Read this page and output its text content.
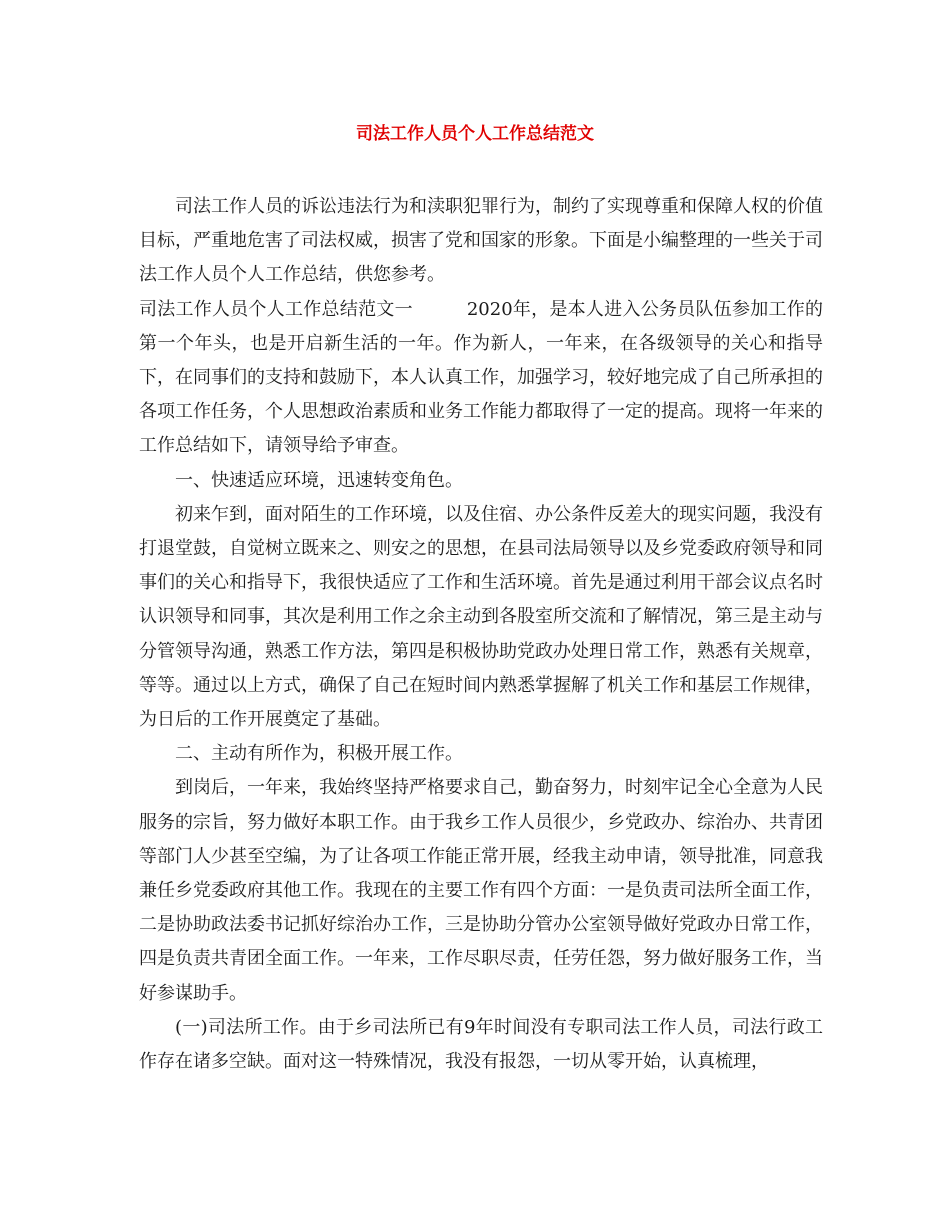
司法工作人员个人工作总结范文

司法工作人员的诉讼违法行为和渎职犯罪行为，制约了实现尊重和保障人权的价值目标，严重地危害了司法权威，损害了党和国家的形象。下面是小编整理的一些关于司法工作人员个人工作总结，供您参考。

司法工作人员个人工作总结范文一	2020年，是本人进入公务员队伍参加工作的第一个年头，也是开启新生活的一年。作为新人，一年来，在各级领导的关心和指导下，在同事们的支持和鼓励下，本人认真工作，加强学习，较好地完成了自己所承担的各项工作任务，个人思想政治素质和业务工作能力都取得了一定的提高。现将一年来的工作总结如下，请领导给予审查。

一、快速适应环境，迅速转变角色。

初来乍到，面对陌生的工作环境，以及住宿、办公条件反差大的现实问题，我没有打退堂鼓，自觉树立既来之、则安之的思想，在县司法局领导以及乡党委政府领导和同事们的关心和指导下，我很快适应了工作和生活环境。首先是通过利用干部会议点名时认识领导和同事，其次是利用工作之余主动到各股室所交流和了解情况，第三是主动与分管领导沟通，熟悉工作方法，第四是积极协助党政办处理日常工作，熟悉有关规章，等等。通过以上方式，确保了自己在短时间内熟悉掌握解了机关工作和基层工作规律，为日后的工作开展奠定了基础。

二、主动有所作为，积极开展工作。

到岗后，一年来，我始终坚持严格要求自己，勤奋努力，时刻牢记全心全意为人民服务的宗旨，努力做好本职工作。由于我乡工作人员很少，乡党政办、综治办、共青团等部门人少甚至空编，为了让各项工作能正常开展，经我主动申请，领导批准，同意我兼任乡党委政府其他工作。我现在的主要工作有四个方面：一是负责司法所全面工作，二是协助政法委书记抓好综治办工作，三是协助分管办公室领导做好党政办日常工作，四是负责共青团全面工作。一年来，工作尽职尽责，任劳任怨，努力做好服务工作，当好参谋助手。

(一)司法所工作。由于乡司法所已有9年时间没有专职司法工作人员，司法行政工作存在诸多空缺。面对这一特殊情况，我没有报怨，一切从零开始，认真梳理，
